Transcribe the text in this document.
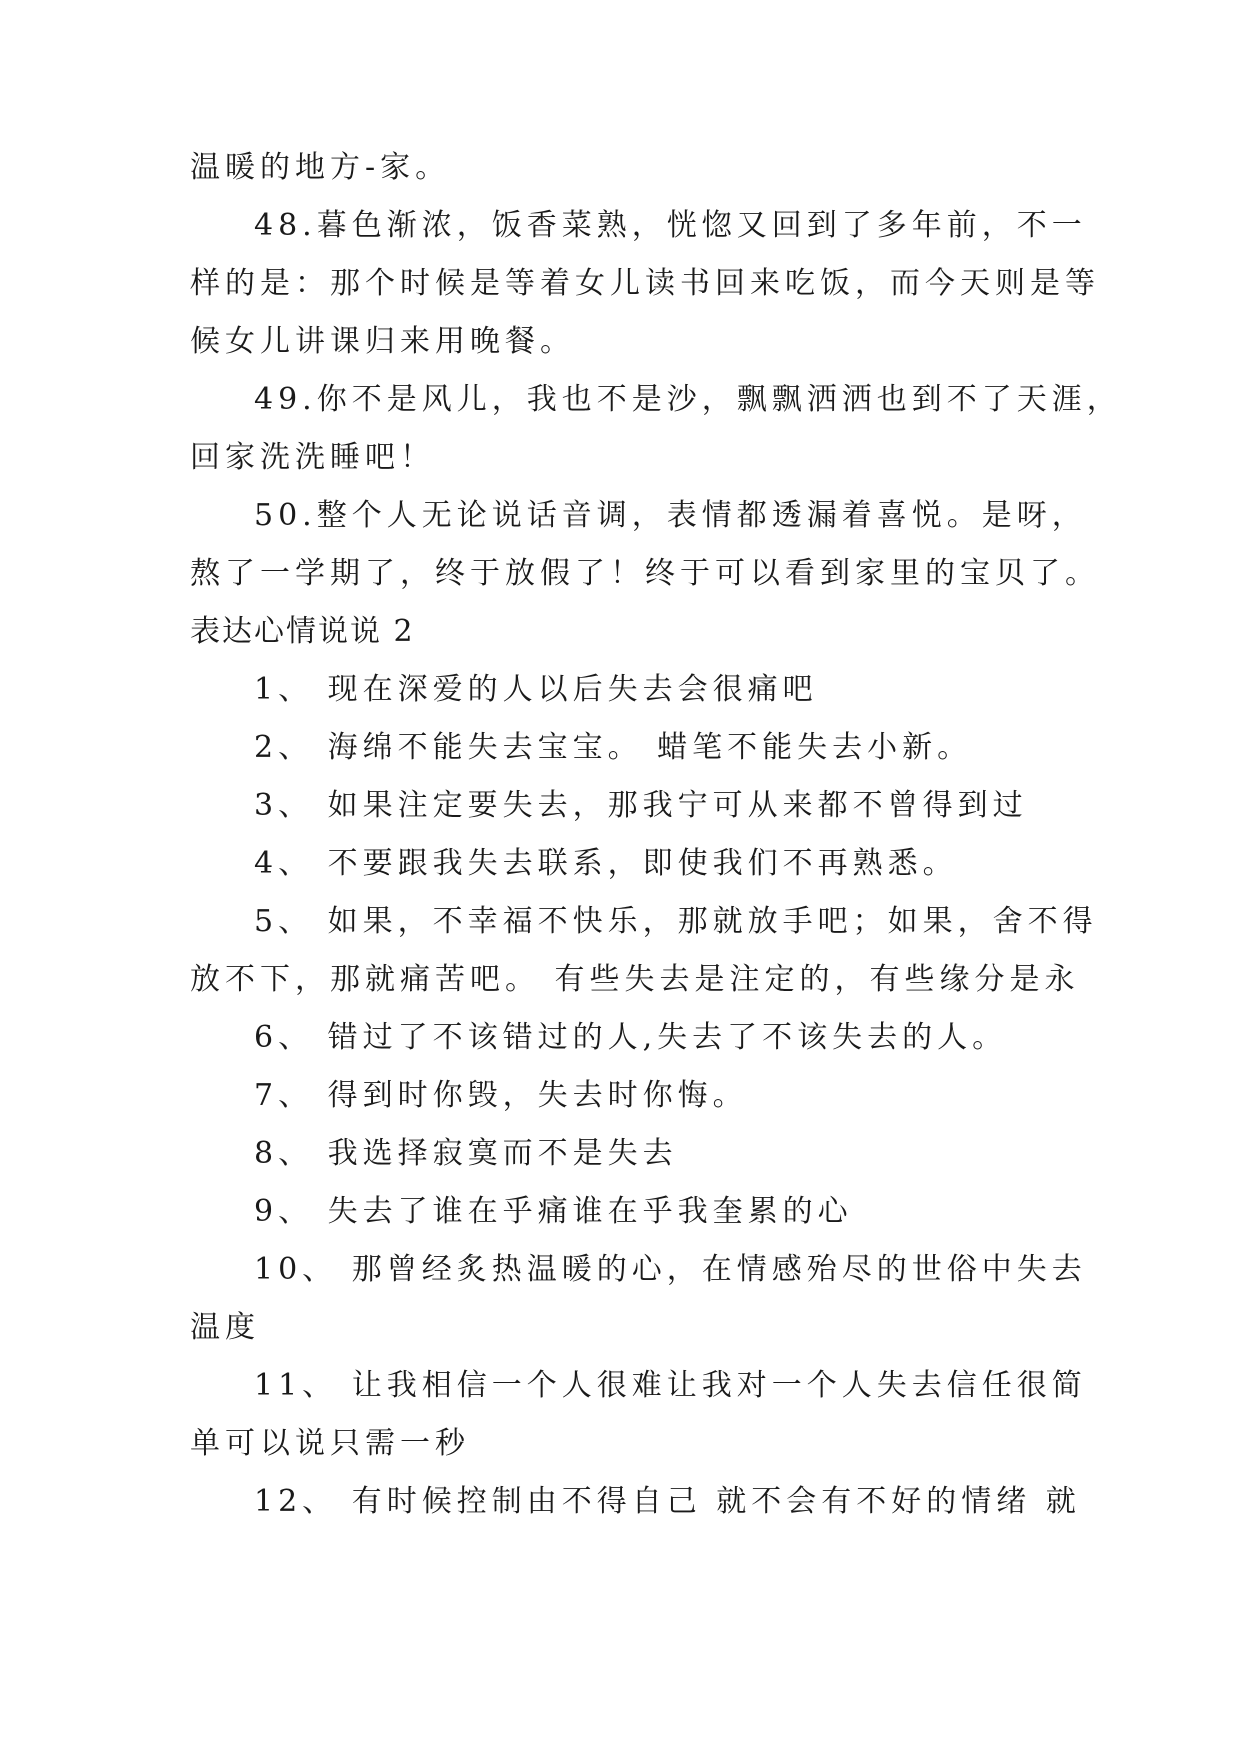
温暖的地方-家。
48.暮色渐浓，饭香菜熟，恍惚又回到了多年前，不一
样的是：那个时候是等着女儿读书回来吃饭，而今天则是等
候女儿讲课归来用晚餐。
49.你不是风儿，我也不是沙，飘飘洒洒也到不了天涯，
回家洗洗睡吧！
50.整个人无论说话音调，表情都透漏着喜悦。是呀，
熬了一学期了，终于放假了！终于可以看到家里的宝贝了。
表达心情说说 2
1、 现在深爱的人以后失去会很痛吧
2、 海绵不能失去宝宝。 蜡笔不能失去小新。
3、 如果注定要失去，那我宁可从来都不曾得到过
4、 不要跟我失去联系，即使我们不再熟悉。
5、 如果，不幸福不快乐，那就放手吧；如果，舍不得
放不下，那就痛苦吧。 有些失去是注定的，有些缘分是永
6、 错过了不该错过的人,失去了不该失去的人。
7、 得到时你毁，失去时你悔。
8、 我选择寂寞而不是失去
9、 失去了谁在乎痛谁在乎我奎累的心
10、 那曾经炙热温暖的心，在情感殆尽的世俗中失去
温度
11、 让我相信一个人很难让我对一个人失去信任很简
单可以说只需一秒
12、 有时候控制由不得自己 就不会有不好的情绪 就
